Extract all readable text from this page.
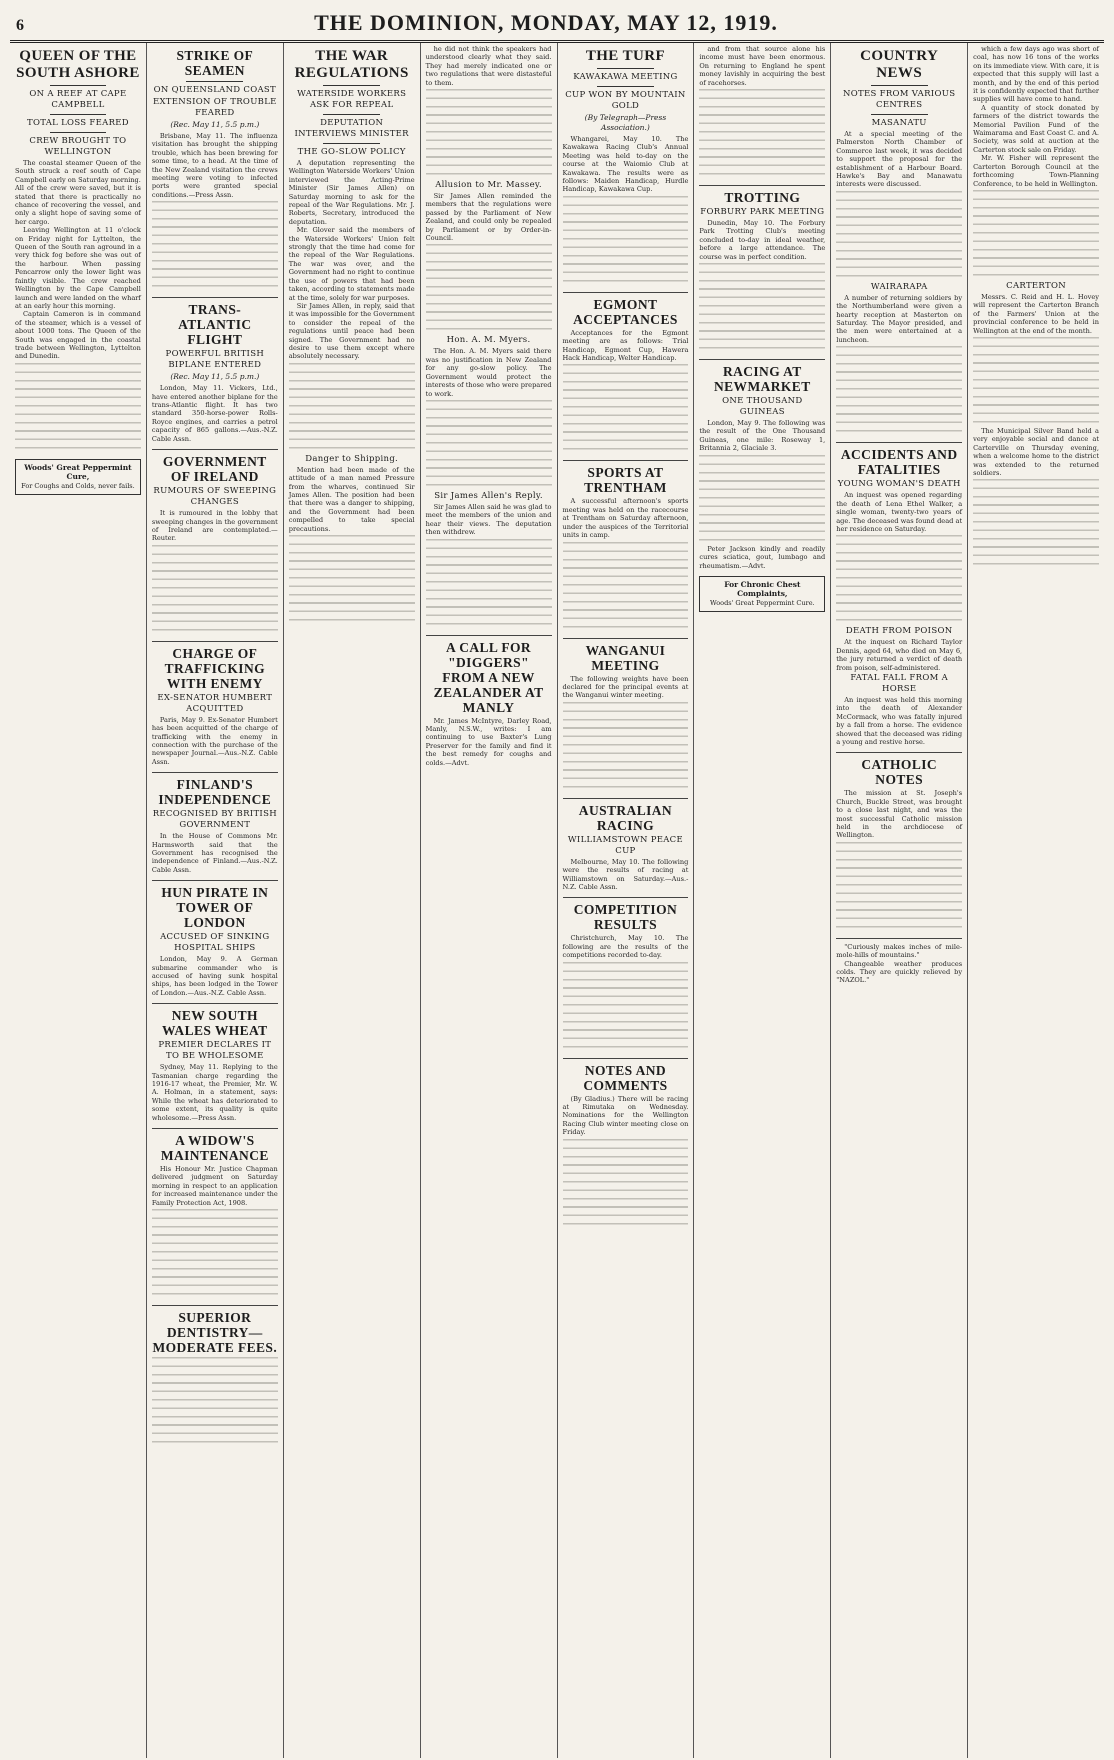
6	THE DOMINION, MONDAY, MAY 12, 1919.
QUEEN OF THE SOUTH ASHORE
ON A REEF AT CAPE CAMPBELL
TOTAL LOSS FEARED
CREW BROUGHT TO WELLINGTON

The coastal steamer Queen of the South struck a reef south of Cape Campbell early on Saturday morning. All of the crew were saved, but it is stated that there is practically no chance of recovering the vessel, and only a slight hope of saving some of her cargo.

Leaving Wellington at 11 o'clock on Friday night for Lyttelton, the Queen of the South ran aground in a very thick fog before she was out of the harbour. When passing Pencarrow only the lower light was faintly visible. The crew reached Wellington by the Cape Campbell launch and were landed on the wharf at an early hour this morning.

Captain Cameron is in command of the steamer, which is a vessel of about 1000 tons. The Queen of the South was engaged in the coastal trade between Wellington, Lyttelton and Dunedin.

Woods' Great Peppermint Cure,
For Coughs and Colds, never fails.
STRIKE OF SEAMEN
ON QUEENSLAND COAST
EXTENSION OF TROUBLE FEARED
(Rec. May 11, 5.5 p.m.)

Brisbane, May 11. The influenza visitation has brought the shipping trouble, which has been brewing for some time, to a head. At the time of the New Zealand visitation the crews meeting were voting to infected ports were granted special conditions.—Press Assn.

TRANS-ATLANTIC FLIGHT
POWERFUL BRITISH BIPLANE ENTERED
(Rec. May 11, 5.5 p.m.)

London, May 11. Vickers, Ltd., have entered another biplane for the trans-Atlantic flight. It has two standard 350-horse-power Rolls-Royce engines, and carries a petrol capacity of 865 gallons.—Aus.-N.Z. Cable Assn.

GOVERNMENT OF IRELAND
RUMOURS OF SWEEPING CHANGES

It is rumoured in the lobby that sweeping changes in the government of Ireland are contemplated.—Reuter.

CHARGE OF TRAFFICKING WITH ENEMY
EX-SENATOR HUMBERT ACQUITTED

Paris, May 9. Ex-Senator Humbert has been acquitted of the charge of trafficking with the enemy in connection with the purchase of the newspaper Journal.—Aus.-N.Z. Cable Assn.

FINLAND'S INDEPENDENCE
RECOGNISED BY BRITISH GOVERNMENT

In the House of Commons Mr. Harmsworth said that the Government has recognised the independence of Finland.—Aus.-N.Z. Cable Assn.

HUN PIRATE IN TOWER OF LONDON
ACCUSED OF SINKING HOSPITAL SHIPS

London, May 9. A German submarine commander who is accused of having sunk hospital ships, has been lodged in the Tower of London.—Aus.-N.Z. Cable Assn.

NEW SOUTH WALES WHEAT
PREMIER DECLARES IT TO BE WHOLESOME

Sydney, May 11. Replying to the Tasmanian charge regarding the 1916-17 wheat, the Premier, Mr. W. A. Holman, in a statement, says: While the wheat has deteriorated to some extent, its quality is quite wholesome.—Press Assn.

A WIDOW'S MAINTENANCE

His Honour Mr. Justice Chapman delivered judgment on Saturday morning in respect to an application for increased maintenance under the Family Protection Act, 1908.

SUPERIOR DENTISTRY—MODERATE FEES.

THE WAR REGULATIONS
WATERSIDE WORKERS ASK FOR REPEAL
DEPUTATION INTERVIEWS MINISTER
THE GO-SLOW POLICY

A deputation representing the Wellington Waterside Workers' Union interviewed the Acting-Prime Minister (Sir James Allen) on Saturday morning to ask for the repeal of the War Regulations. Mr. J. Roberts, Secretary, introduced the deputation.

Mr. Glover said the members of the Waterside Workers' Union felt strongly that the time had come for the repeal of the War Regulations. The war was over, and the Government had no right to continue the use of powers that had been taken, according to statements made at the time, solely for war purposes.

Sir James Allen, in reply, said that it was impossible for the Government to consider the repeal of the regulations until peace had been signed. The Government had no desire to use them except where absolutely necessary.

Danger to Shipping.

Mention had been made of the attitude of a man named Pressure from the wharves, continued Sir James Allen. The position had been that there was a danger to shipping, and the Government had been compelled to take special precautions.

he did not think the speakers had understood clearly what they said. They had merely indicated one or two regulations that were distasteful to them.

Allusion to Mr. Massey.

Sir James Allen reminded the members that the regulations were passed by the Parliament of New Zealand, and could only be repealed by Parliament or by Order-in-Council.

Hon. A. M. Myers.

The Hon. A. M. Myers said there was no justification in New Zealand for any go-slow policy. The Government would protect the interests of those who were prepared to work.

Sir James Allen's Reply.

Sir James Allen said he was glad to meet the members of the union and hear their views. The deputation then withdrew.

A CALL FOR "DIGGERS" FROM A NEW ZEALANDER AT MANLY

Mr. James McIntyre, Darley Road, Manly, N.S.W., writes: I am continuing to use Baxter's Lung Preserver for the family and find it the best remedy for coughs and colds.—Advt.

THE TURF
KAWAKAWA MEETING
CUP WON BY MOUNTAIN GOLD
(By Telegraph—Press Association.)

Whangarei, May 10. The Kawakawa Racing Club's Annual Meeting was held to-day on the course at the Waiomio Club at Kawakawa. The results were as follows: Maiden Handicap, Hurdle Handicap, Kawakawa Cup.

EGMONT ACCEPTANCES

Acceptances for the Egmont meeting are as follows: Trial Handicap, Egmont Cup, Hawera Hack Handicap, Welter Handicap.

SPORTS AT TRENTHAM

A successful afternoon's sports meeting was held on the racecourse at Trentham on Saturday afternoon, under the auspices of the Territorial units in camp.

WANGANUI MEETING

The following weights have been declared for the principal events at the Wanganui winter meeting.

AUSTRALIAN RACING
WILLIAMSTOWN PEACE CUP

Melbourne, May 10. The following were the results of racing at Williamstown on Saturday.—Aus.-N.Z. Cable Assn.

COMPETITION RESULTS

Christchurch, May 10. The following are the results of the competitions recorded to-day.

NOTES AND COMMENTS

(By Gladius.) There will be racing at Rimutaka on Wednesday. Nominations for the Wellington Racing Club winter meeting close on Friday.

and from that source alone his income must have been enormous. On returning to England he spent money lavishly in acquiring the best of racehorses.

TROTTING
FORBURY PARK MEETING

Dunedin, May 10. The Forbury Park Trotting Club's meeting concluded to-day in ideal weather, before a large attendance. The course was in perfect condition.

RACING AT NEWMARKET
ONE THOUSAND GUINEAS

London, May 9. The following was the result of the One Thousand Guineas, one mile: Roseway 1, Britannia 2, Glaciale 3.

Peter Jackson kindly and readily cures sciatica, gout, lumbago and rheumatism.—Advt.

For Chronic Chest Complaints,
Woods' Great Peppermint Cure.
COUNTRY NEWS
NOTES FROM VARIOUS CENTRES
MASANATU

At a special meeting of the Palmerston North Chamber of Commerce last week, it was decided to support the proposal for the establishment of a Harbour Board. Hawke's Bay and Manawatu interests were discussed.

WAIRARAPA

A number of returning soldiers by the Northumberland were given a hearty reception at Masterton on Saturday. The Mayor presided, and the men were entertained at a luncheon.

ACCIDENTS AND FATALITIES
YOUNG WOMAN'S DEATH

An inquest was opened regarding the death of Lena Ethel Walker, a single woman, twenty-two years of age. The deceased was found dead at her residence on Saturday.

DEATH FROM POISON

At the inquest on Richard Taylor Dennis, aged 64, who died on May 6, the jury returned a verdict of death from poison, self-administered.

FATAL FALL FROM A HORSE

An inquest was held this morning into the death of Alexander McCormack, who was fatally injured by a fall from a horse. The evidence showed that the deceased was riding a young and restive horse.

CATHOLIC NOTES

The mission at St. Joseph's Church, Buckle Street, was brought to a close last night, and was the most successful Catholic mission held in the archdiocese of Wellington.

"Curiously makes inches of mile-mole-hills of mountains."

Changeable weather produces colds. They are quickly relieved by "NAZOL."

which a few days ago was short of coal, has now 16 tons of the works on its immediate view. With care, it is expected that this supply will last a month, and by the end of this period it is confidently expected that further supplies will have come to hand.

A quantity of stock donated by farmers of the district towards the Memorial Pavilion Fund of the Waimarama and East Coast C. and A. Society, was sold at auction at the Carterton stock sale on Friday.

Mr. W. Fisher will represent the Carterton Borough Council at the forthcoming Town-Planning Conference, to be held in Wellington.

CARTERTON

Messrs. C. Reid and H. L. Hovey will represent the Carterton Branch of the Farmers' Union at the provincial conference to be held in Wellington at the end of the month.

The Municipal Silver Band held a very enjoyable social and dance at Carterville on Thursday evening, when a welcome home to the district was extended to the returned soldiers.
